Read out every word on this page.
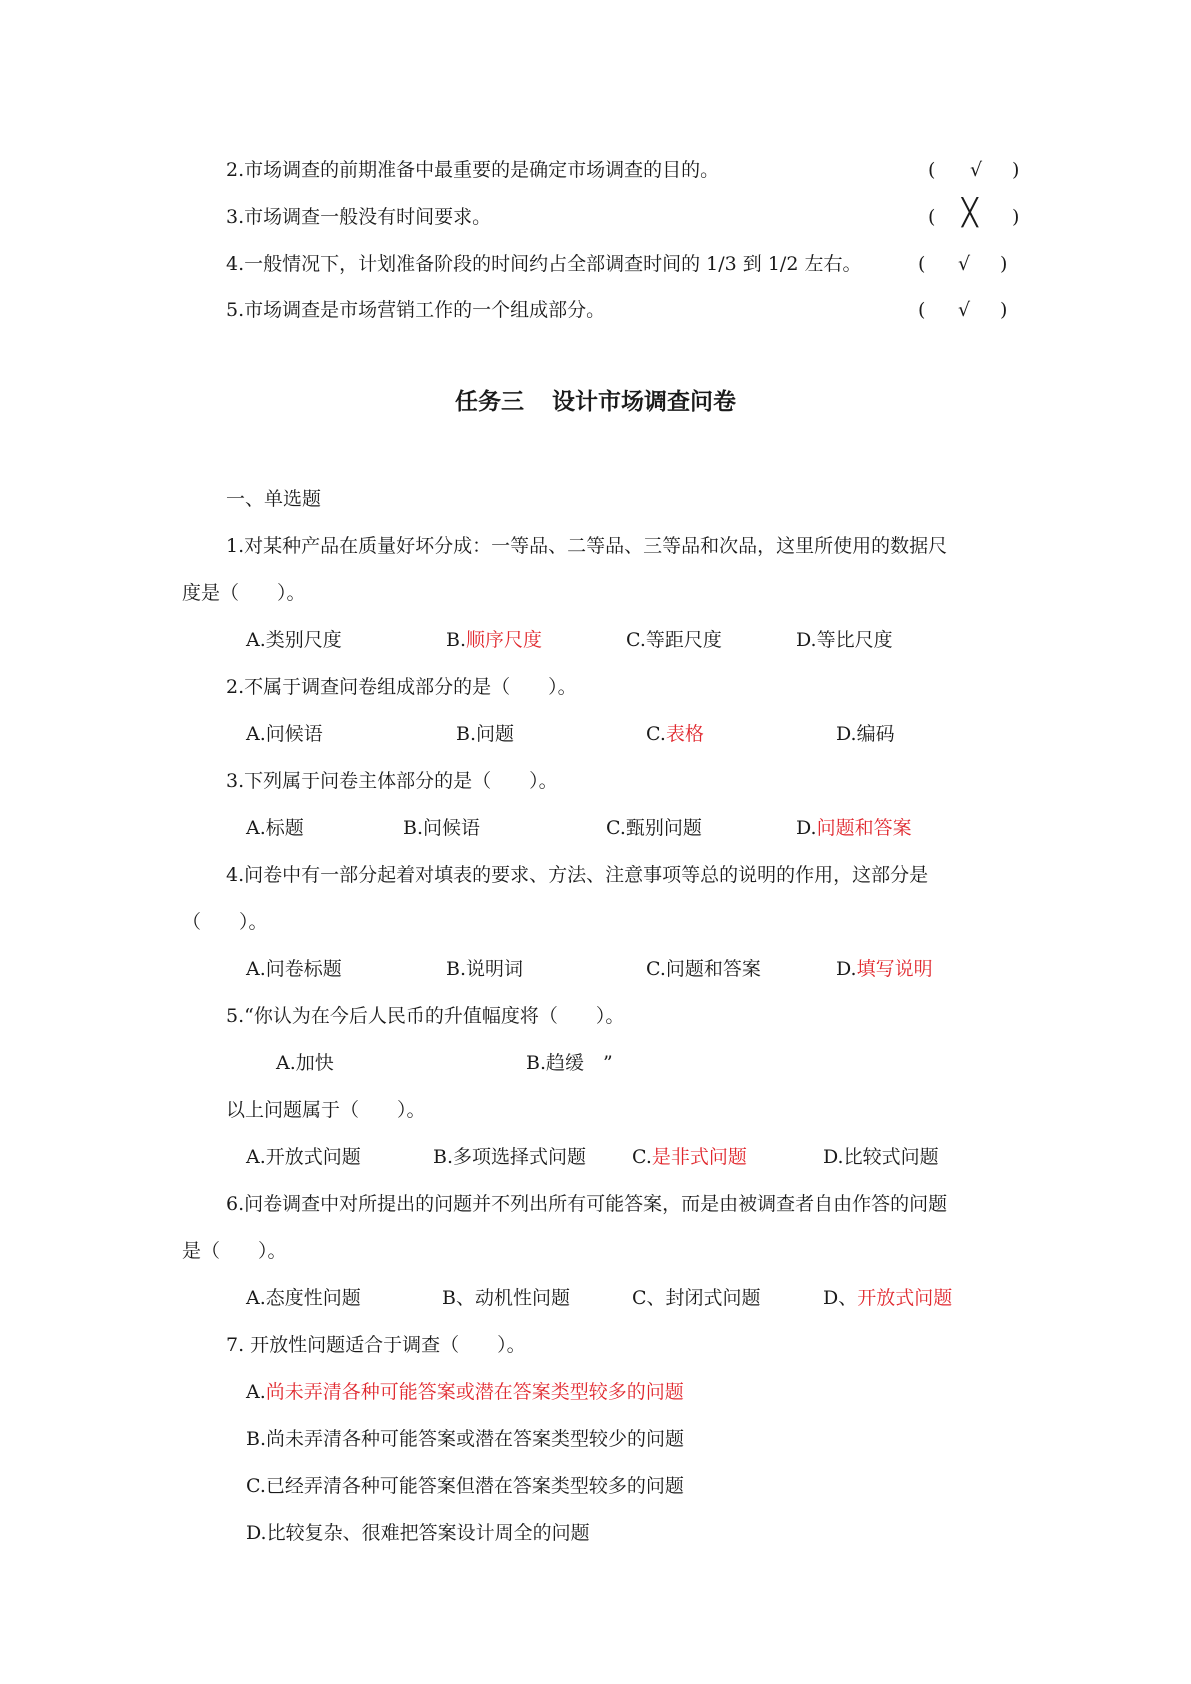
2.市场调查的前期准备中最重要的是确定市场调查的目的。	( √ )
3.市场调查一般没有时间要求。	( ╳ )
4.一般情况下，计划准备阶段的时间约占全部调查时间的 1/3 到 1/2 左右。	( √ )
5.市场调查是市场营销工作的一个组成部分。	( √ )
任务三 设计市场调查问卷
一、单选题
1.对某种产品在质量好坏分成：一等品、二等品、三等品和次品，这里所使用的数据尺
度是（　　）。
A.类别尺度	B.顺序尺度	C.等距尺度	D.等比尺度
2.不属于调查问卷组成部分的是（　　）。
A.问候语	B.问题	C.表格	D.编码
3.下列属于问卷主体部分的是（　　）。
A.标题	B.问候语	C.甄别问题	D.问题和答案
4.问卷中有一部分起着对填表的要求、方法、注意事项等总的说明的作用，这部分是
（　　）。
A.问卷标题	B.说明词	C.问题和答案	D.填写说明
5.“你认为在今后人民币的升值幅度将（　　）。
A.加快	B.趋缓　”
以上问题属于（　　）。
A.开放式问题	B.多项选择式问题 C.是非式问题	D.比较式问题
6.问卷调查中对所提出的问题并不列出所有可能答案，而是由被调查者自由作答的问题
是（　　）。
A.态度性问题	B、动机性问题	C、封闭式问题	D、开放式问题
7. 开放性问题适合于调查（　　）。
A.尚未弄清各种可能答案或潜在答案类型较多的问题
B.尚未弄清各种可能答案或潜在答案类型较少的问题
C.已经弄清各种可能答案但潜在答案类型较多的问题
D.比较复杂、很难把答案设计周全的问题
